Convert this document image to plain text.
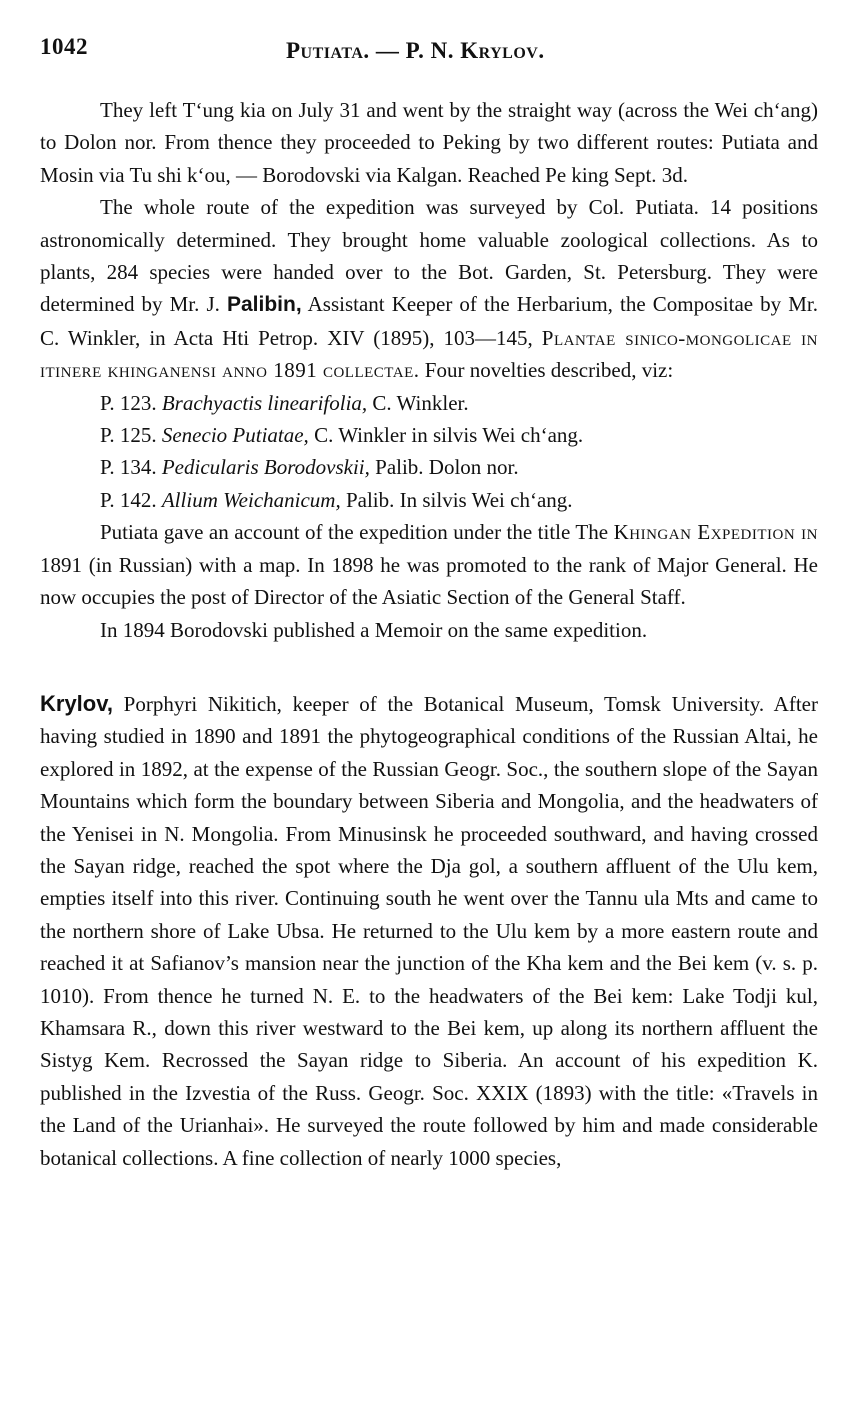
1042	Putiata. — P. N. Krylov.

They left Tʻung kia on July 31 and went by the straight way (across the Wei chʻang) to Dolon nor. From thence they proceeded to Peking by two different routes: Putiata and Mosin via Tu shi kʻou, — Borodovski via Kalgan. Reached Pe king Sept. 3d.

The whole route of the expedition was surveyed by Col. Putiata. 14 positions astronomically determined. They brought home valuable zoological collections. As to plants, 284 species were handed over to the Bot. Garden, St. Petersburg. They were determined by Mr. J. Palibin, Assistant Keeper of the Herbarium, the Compositae by Mr. C. Winkler, in Acta Hti Petrop. XIV (1895), 103—145, Plantae sinico-mongolicae in itinere khinganensi anno 1891 collectae. Four novelties described, viz:

P. 123. Brachyactis linearifolia, C. Winkler.

P. 125. Senecio Putiatae, C. Winkler in silvis Wei chʻang.

P. 134. Pedicularis Borodovskii, Palib. Dolon nor.

P. 142. Allium Weichanicum, Palib. In silvis Wei chʻang.

Putiata gave an account of the expedition under the title The Khingan Expedition in 1891 (in Russian) with a map. In 1898 he was promoted to the rank of Major General. He now occupies the post of Director of the Asiatic Section of the General Staff.

In 1894 Borodovski published a Memoir on the same expedition.

Krylov, Porphyri Nikitich, keeper of the Botanical Museum, Tomsk University. After having studied in 1890 and 1891 the phytogeographical conditions of the Russian Altai, he explored in 1892, at the expense of the Russian Geogr. Soc., the southern slope of the Sayan Mountains which form the boundary between Siberia and Mongolia, and the headwaters of the Yenisei in N. Mongolia. From Minusinsk he proceeded southward, and having crossed the Sayan ridge, reached the spot where the Dja gol, a southern affluent of the Ulu kem, empties itself into this river. Continuing south he went over the Tannu ula Mts and came to the northern shore of Lake Ubsa. He returned to the Ulu kem by a more eastern route and reached it at Safianov’s mansion near the junction of the Kha kem and the Bei kem (v. s. p. 1010). From thence he turned N. E. to the headwaters of the Bei kem: Lake Todji kul, Khamsara R., down this river westward to the Bei kem, up along its northern affluent the Sistyg Kem. Recrossed the Sayan ridge to Siberia. An account of his expedition K. published in the Izvestia of the Russ. Geogr. Soc. XXIX (1893) with the title: «Travels in the Land of the Urianhai». He surveyed the route followed by him and made considerable botanical collections. A fine collection of nearly 1000 species,
